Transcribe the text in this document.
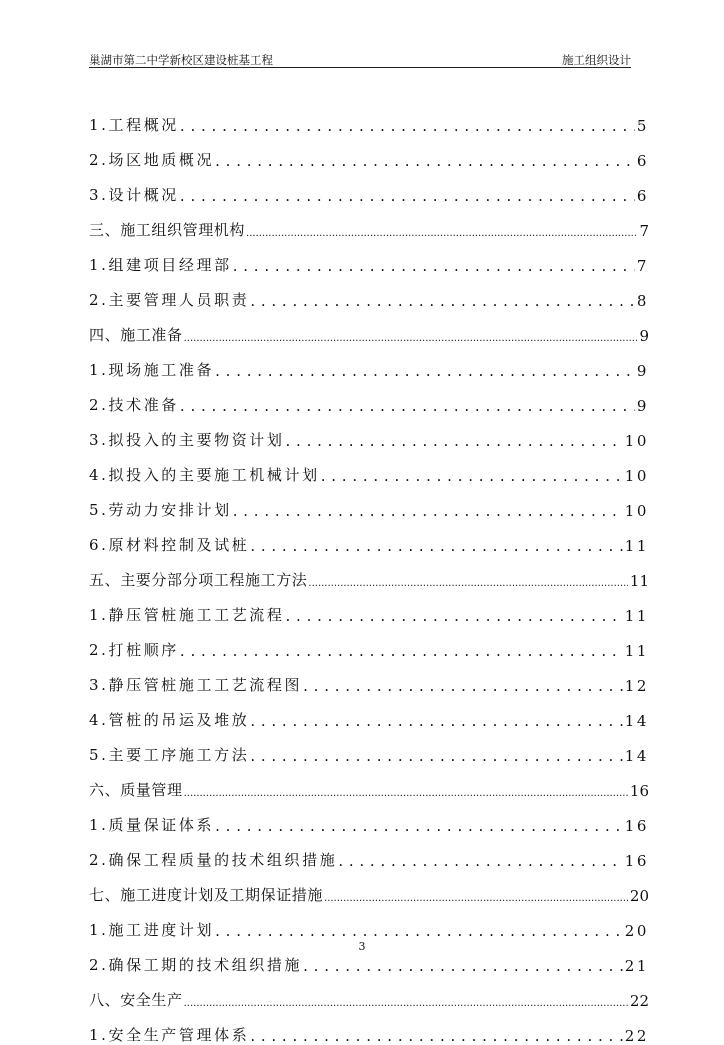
巢湖市第二中学新校区建设桩基工程	施工组织设计
1.工程概况 . . .	5
2.场区地质概况 . . .	6
3.设计概况 . . .	6
三、施工组织管理机构 .....	7
1.组建项目经理部 . . .	7
2.主要管理人员职责 . . .	8
四、施工准备 .....	9
1.现场施工准备 . . .	9
2.技术准备 . . .	9
3.拟投入的主要物资计划 . . .	10
4.拟投入的主要施工机械计划 . . .	10
5.劳动力安排计划 . . .	10
6.原材料控制及试桩 . . .	11
五、主要分部分项工程施工方法 .....	11
1.静压管桩施工工艺流程 . . .	11
2.打桩顺序 . . .	11
3.静压管桩施工工艺流程图 . . .	12
4.管桩的吊运及堆放 . . .	14
5.主要工序施工方法 . . .	14
六、质量管理 .....	16
1.质量保证体系 . . .	16
2.确保工程质量的技术组织措施 . . .	16
七、施工进度计划及工期保证措施 .....	20
1.施工进度计划 . . .	20
2.确保工期的技术组织措施 . . .	21
八、安全生产 .....	22
1.安全生产管理体系 . . .	22
3
